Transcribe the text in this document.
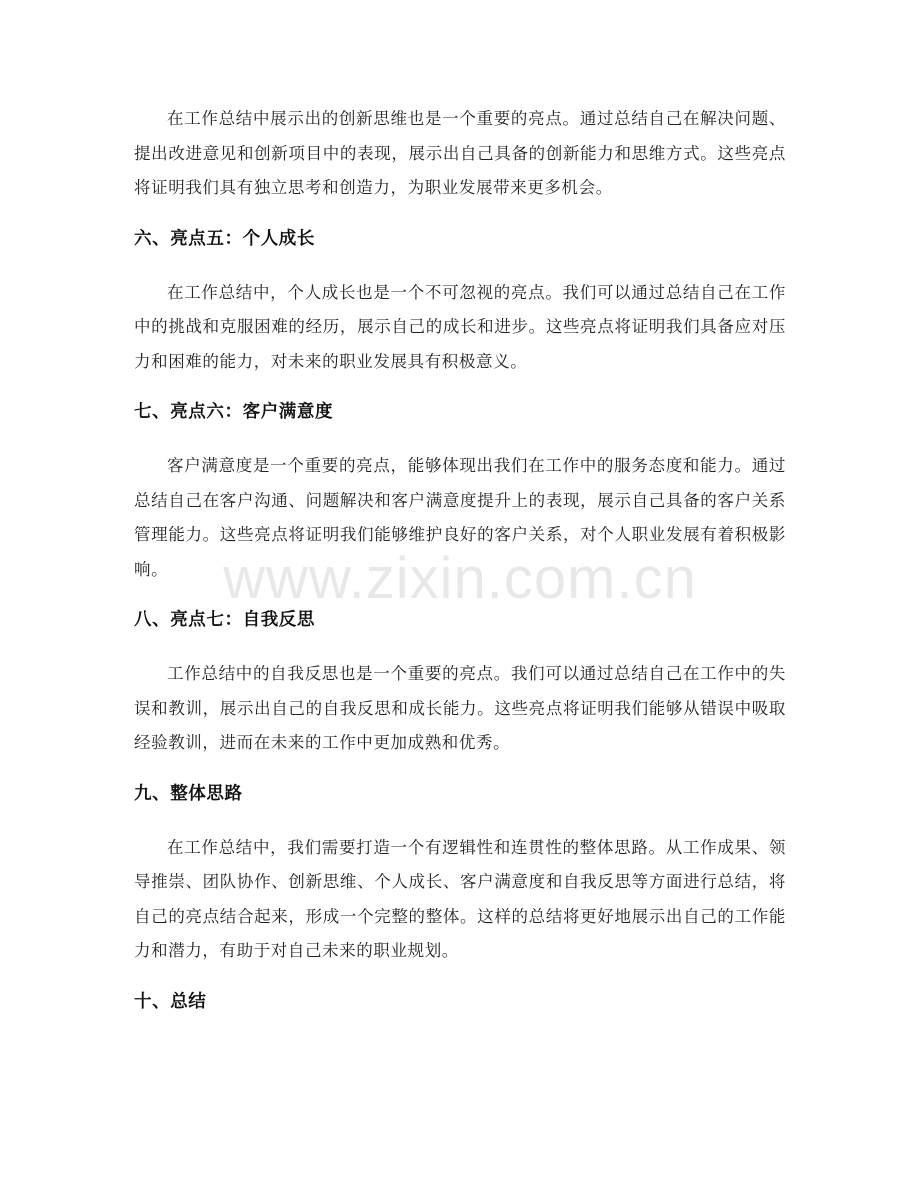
在工作总结中展示出的创新思维也是一个重要的亮点。通过总结自己在解决问题、提出改进意见和创新项目中的表现，展示出自己具备的创新能力和思维方式。这些亮点将证明我们具有独立思考和创造力，为职业发展带来更多机会。

六、亮点五：个人成长

在工作总结中，个人成长也是一个不可忽视的亮点。我们可以通过总结自己在工作中的挑战和克服困难的经历，展示自己的成长和进步。这些亮点将证明我们具备应对压力和困难的能力，对未来的职业发展具有积极意义。

七、亮点六：客户满意度

客户满意度是一个重要的亮点，能够体现出我们在工作中的服务态度和能力。通过总结自己在客户沟通、问题解决和客户满意度提升上的表现，展示自己具备的客户关系管理能力。这些亮点将证明我们能够维护良好的客户关系，对个人职业发展有着积极影响。

八、亮点七：自我反思

工作总结中的自我反思也是一个重要的亮点。我们可以通过总结自己在工作中的失误和教训，展示出自己的自我反思和成长能力。这些亮点将证明我们能够从错误中吸取经验教训，进而在未来的工作中更加成熟和优秀。

九、整体思路

在工作总结中，我们需要打造一个有逻辑性和连贯性的整体思路。从工作成果、领导推崇、团队协作、创新思维、个人成长、客户满意度和自我反思等方面进行总结，将自己的亮点结合起来，形成一个完整的整体。这样的总结将更好地展示出自己的工作能力和潜力，有助于对自己未来的职业规划。

十、总结
www.zixin.com.cn
